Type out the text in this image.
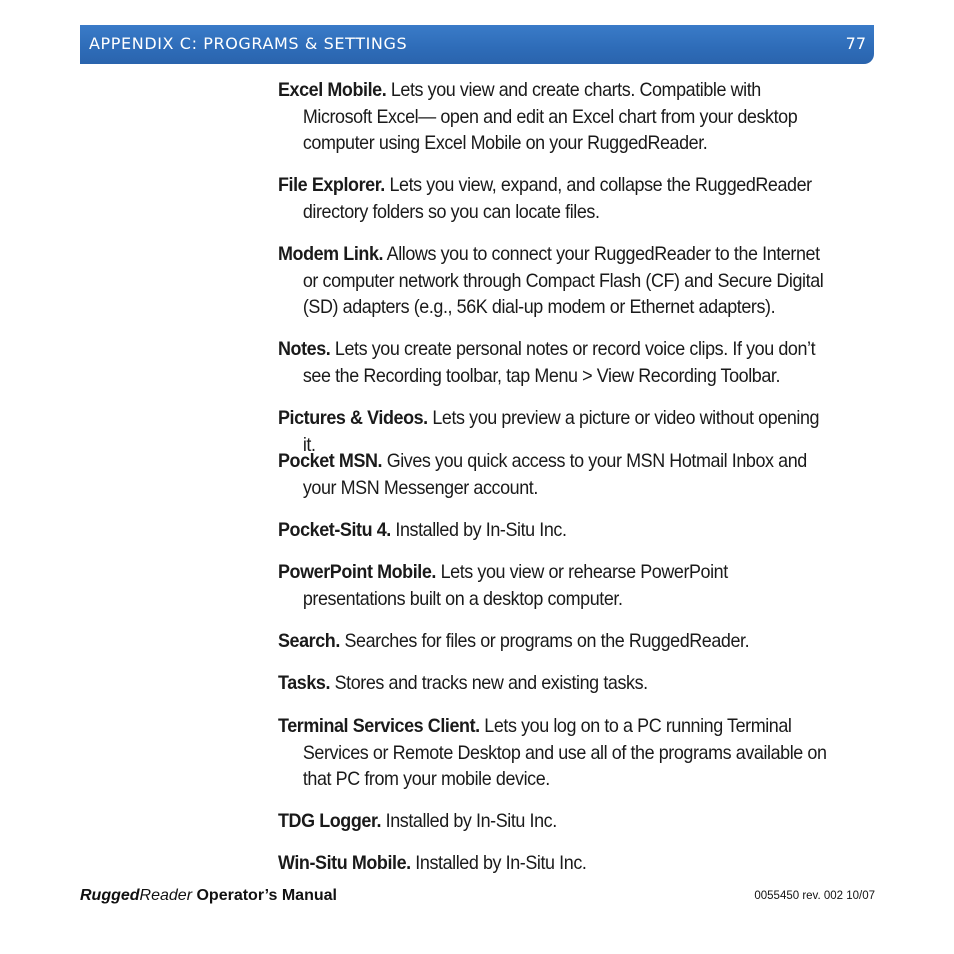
APPENDIX C: PROGRAMS & SETTINGS	77
Excel Mobile. Lets you view and create charts. Compatible with Microsoft Excel— open and edit an Excel chart from your desktop computer using Excel Mobile on your RuggedReader.
File Explorer. Lets you view, expand, and collapse the RuggedReader directory folders so you can locate files.
Modem Link. Allows you to connect your RuggedReader to the Internet or computer network through Compact Flash (CF) and Secure Digital (SD) adapters (e.g., 56K dial-up modem or Ethernet adapters).
Notes. Lets you create personal notes or record voice clips. If you don’t see the Recording toolbar, tap Menu > View Recording Toolbar.
Pictures & Videos. Lets you preview a picture or video without opening it.
Pocket MSN. Gives you quick access to your MSN Hotmail Inbox and your MSN Messenger account.
Pocket-Situ 4. Installed by In-Situ Inc.
PowerPoint Mobile. Lets you view or rehearse PowerPoint presentations built on a desktop computer.
Search. Searches for files or programs on the RuggedReader.
Tasks. Stores and tracks new and existing tasks.
Terminal Services Client. Lets you log on to a PC running Terminal Services or Remote Desktop and use all of the programs available on that PC from your mobile device.
TDG Logger. Installed by In-Situ Inc.
Win-Situ Mobile. Installed by In-Situ Inc.
RuggedReader Operator’s Manual	0055450 rev. 002 10/07
